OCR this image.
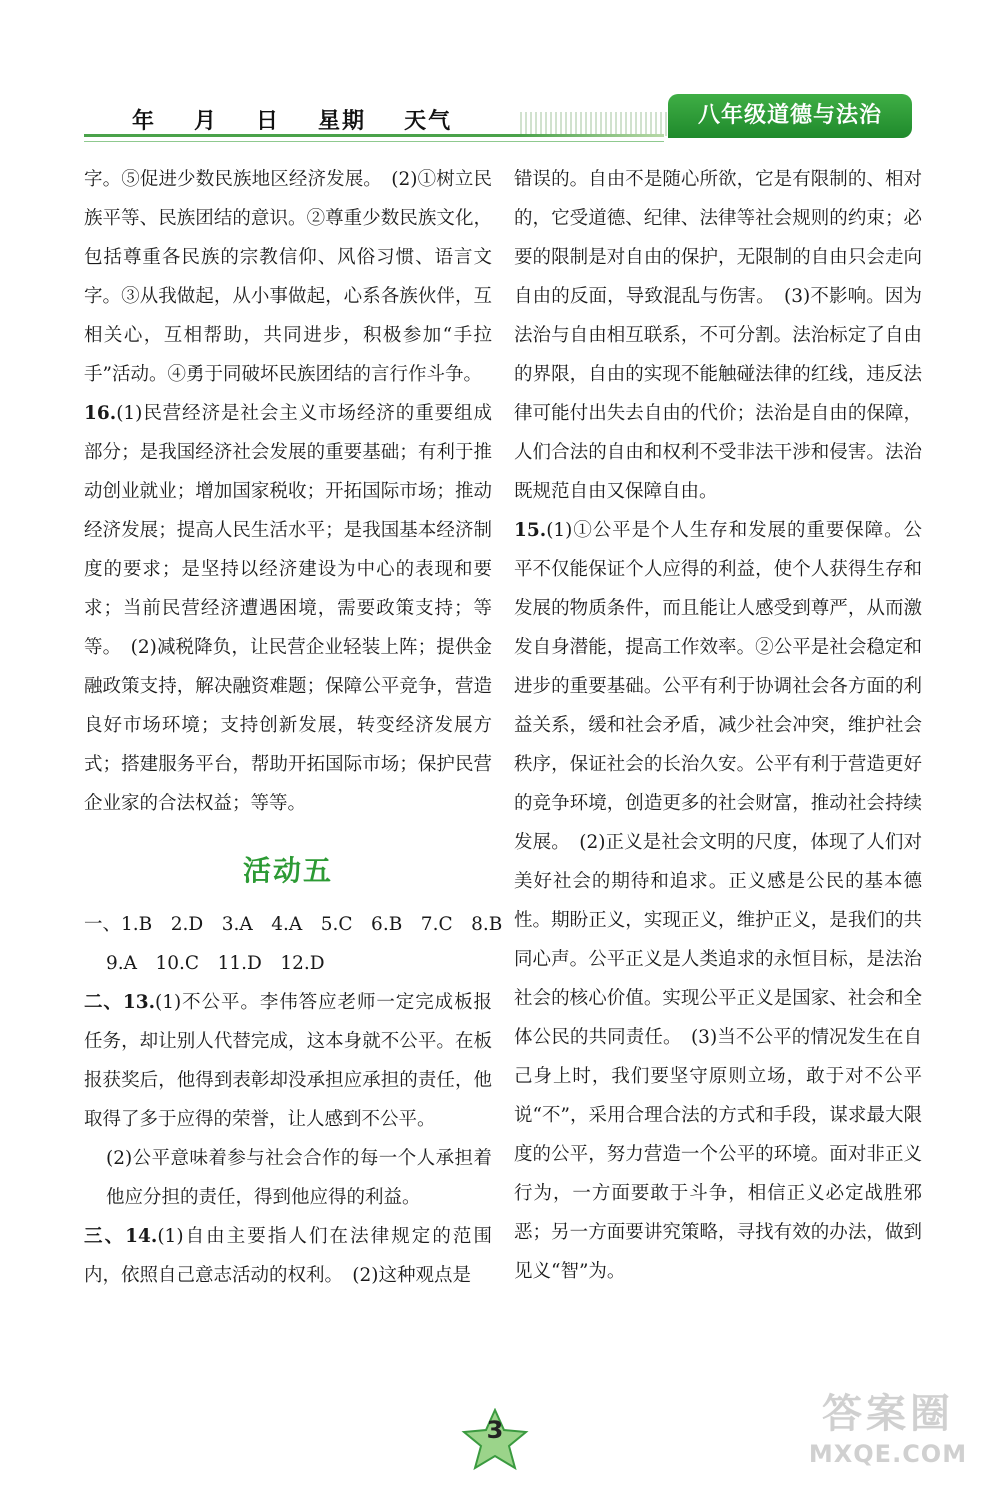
年 月 日 星期 天气	八年级道德与法治

字。⑤促进少数民族地区经济发展。　(2)①树立民族平等、民族团结的意识。②尊重少数民族文化，包括尊重各民族的宗教信仰、风俗习惯、语言文字。③从我做起，从小事做起，心系各族伙伴，互相关心，互相帮助，共同进步，积极参加“手拉手”活动。④勇于同破坏民族团结的言行作斗争。

16.(1)民营经济是社会主义市场经济的重要组成部分；是我国经济社会发展的重要基础；有利于推动创业就业；增加国家税收；开拓国际市场；推动经济发展；提高人民生活水平；是我国基本经济制度的要求；是坚持以经济建设为中心的表现和要求；当前民营经济遭遇困境，需要政策支持；等等。　(2)减税降负，让民营企业轻装上阵；提供金融政策支持，解决融资难题；保障公平竞争，营造良好市场环境；支持创新发展，转变经济发展方式；搭建服务平台，帮助开拓国际市场；保护民营企业家的合法权益；等等。

活动五

一、1.B　2.D　3.A　4.A　5.C　6.B　7.C　8.B

9.A　10.C　11.D　12.D

二、13.(1)不公平。李伟答应老师一定完成板报任务，却让别人代替完成，这本身就不公平。在板报获奖后，他得到表彰却没承担应承担的责任，他取得了多于应得的荣誉，让人感到不公平。

(2)公平意味着参与社会合作的每一个人承担着他应分担的责任，得到他应得的利益。

三、14.(1)自由主要指人们在法律规定的范围内，依照自己意志活动的权利。　(2)这种观点是

错误的。自由不是随心所欲，它是有限制的、相对的，它受道德、纪律、法律等社会规则的约束；必要的限制是对自由的保护，无限制的自由只会走向自由的反面，导致混乱与伤害。　(3)不影响。因为法治与自由相互联系，不可分割。法治标定了自由的界限，自由的实现不能触碰法律的红线，违反法律可能付出失去自由的代价；法治是自由的保障，人们合法的自由和权利不受非法干涉和侵害。法治既规范自由又保障自由。

15.(1)①公平是个人生存和发展的重要保障。公平不仅能保证个人应得的利益，使个人获得生存和发展的物质条件，而且能让人感受到尊严，从而激发自身潜能，提高工作效率。②公平是社会稳定和进步的重要基础。公平有利于协调社会各方面的利益关系，缓和社会矛盾，减少社会冲突，维护社会秩序，保证社会的长治久安。公平有利于营造更好的竞争环境，创造更多的社会财富，推动社会持续发展。　(2)正义是社会文明的尺度，体现了人们对美好社会的期待和追求。正义感是公民的基本德性。期盼正义，实现正义，维护正义，是我们的共同心声。公平正义是人类追求的永恒目标，是法治社会的核心价值。实现公平正义是国家、社会和全体公民的共同责任。　(3)当不公平的情况发生在自己身上时，我们要坚守原则立场，敢于对不公平说“不”，采用合理合法的方式和手段，谋求最大限度的公平，努力营造一个公平的环境。面对非正义行为，一方面要敢于斗争，相信正义必定战胜邪恶；另一方面要讲究策略，寻找有效的办法，做到见义“智”为。

3	答案圈
MXQE.COM
